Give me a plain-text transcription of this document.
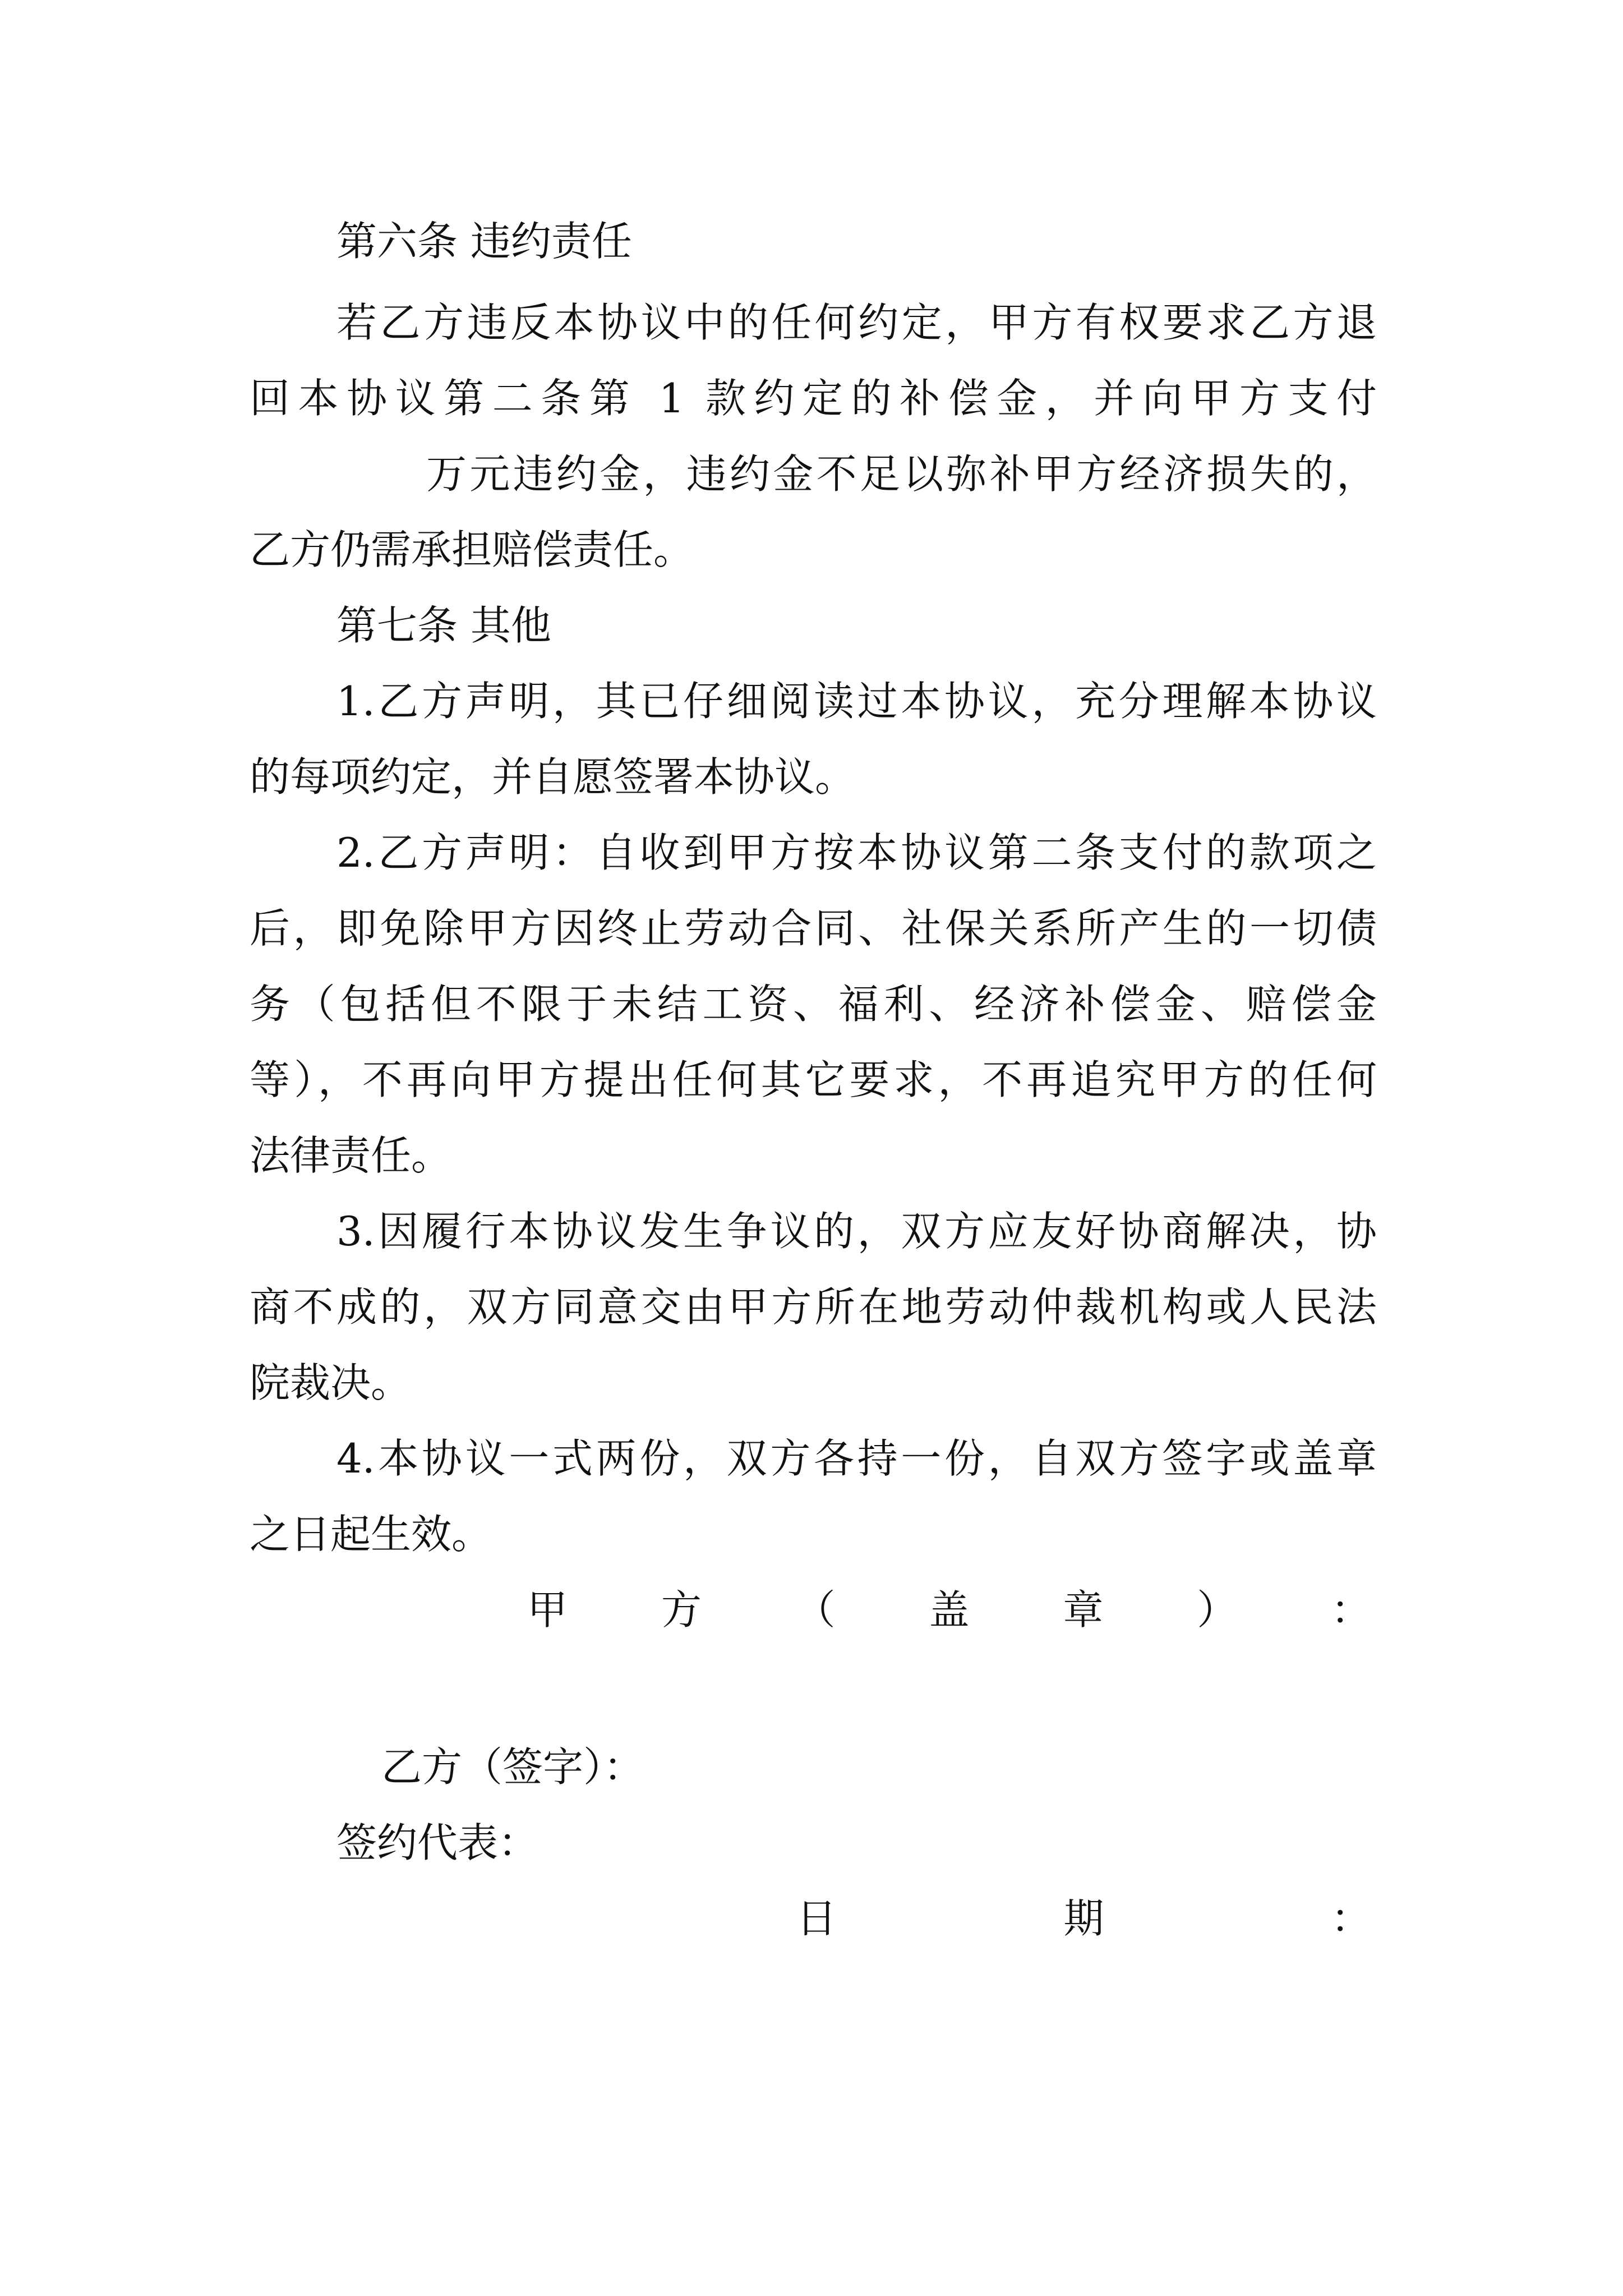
第六条 违约责任
若乙方违反本协议中的任何约定，甲方有权要求乙方退
回本协议第二条第 1 款约定的补偿金，并向甲方支付
万元违约金，违约金不足以弥补甲方经济损失的，
乙方仍需承担赔偿责任。
第七条 其他
1.乙方声明，其已仔细阅读过本协议，充分理解本协议
的每项约定，并自愿签署本协议。
2.乙方声明：自收到甲方按本协议第二条支付的款项之
后，即免除甲方因终止劳动合同、社保关系所产生的一切债
务（包括但不限于未结工资、福利、经济补偿金、赔偿金
等），不再向甲方提出任何其它要求，不再追究甲方的任何
法律责任。
3.因履行本协议发生争议的，双方应友好协商解决，协
商不成的，双方同意交由甲方所在地劳动仲裁机构或人民法
院裁决。
4.本协议一式两份，双方各持一份，自双方签字或盖章
之日起生效。
甲 方 （ 盖 章 ） ：
乙方（签字）：
签约代表：
日	期	：
